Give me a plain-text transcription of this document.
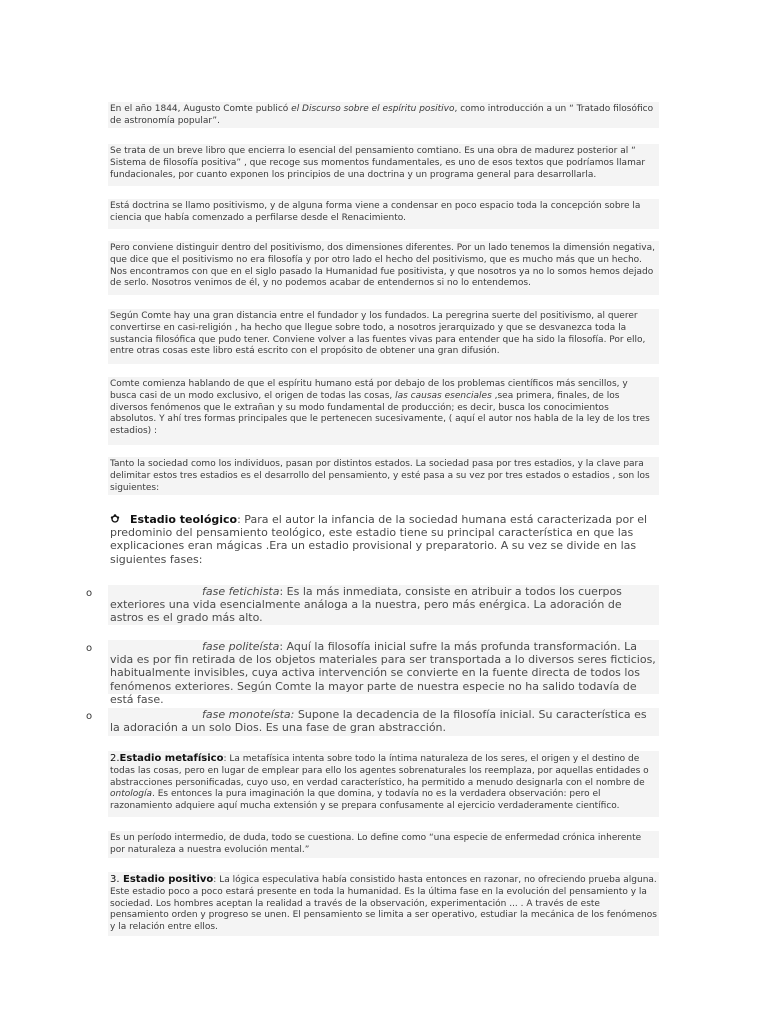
En el año 1844, Augusto Comte publicó el Discurso sobre el espíritu positivo, como introducción a un “ Tratado filosófico de astronomía popular”.
Se trata de un breve libro que encierra lo esencial del pensamiento comtiano. Es una obra de madurez posterior al “ Sistema de filosofía positiva” , que recoge sus momentos fundamentales, es uno de esos textos que podríamos llamar fundacionales, por cuanto exponen los principios de una doctrina y un programa general para desarrollarla.
Está doctrina se llamo positivismo, y de alguna forma viene a condensar en poco espacio toda la concepción sobre la ciencia que había comenzado a perfilarse desde el Renacimiento.
Pero conviene distinguir dentro del positivismo, dos dimensiones diferentes. Por un lado tenemos la dimensión negativa, que dice que el positivismo no era filosofía y por otro lado el hecho del positivismo, que es mucho más que un hecho. Nos encontramos con que en el siglo pasado la Humanidad fue positivista, y que nosotros ya no lo somos hemos dejado de serlo. Nosotros venimos de él, y no podemos acabar de entendernos si no lo entendemos.
Según Comte hay una gran distancia entre el fundador y los fundados. La peregrina suerte del positivismo, al querer convertirse en casi-religión , ha hecho que llegue sobre todo, a nosotros jerarquizado y que se desvanezca toda la sustancia filosófica que pudo tener. Conviene volver a las fuentes vivas para entender que ha sido la filosofía. Por ello, entre otras cosas este libro está escrito con el propósito de obtener una gran difusión.
Comte comienza hablando de que el espíritu humano está por debajo de los problemas científicos más sencillos, y busca casi de un modo exclusivo, el origen de todas las cosas, las causas esenciales ,sea primera, finales, de los diversos fenómenos que le extrañan y su modo fundamental de producción; es decir, busca los conocimientos absolutos. Y ahí tres formas principales que le pertenecen sucesivamente, ( aquí el autor nos habla de la ley de los tres estadios) :
Tanto la sociedad como los individuos, pasan por distintos estados. La sociedad pasa por tres estadios, y la clave para delimitar estos tres estadios es el desarrollo del pensamiento, y esté pasa a su vez por tres estados o estadios , son los siguientes:
Estadio teológico: Para el autor la infancia de la sociedad humana está caracterizada por el predominio del pensamiento teológico, este estadio tiene su principal característica en que las explicaciones eran mágicas .Era un estadio provisional y preparatorio. A su vez se divide en las siguientes fases:
o	fase fetichista: Es la más inmediata, consiste en atribuir a todos los cuerpos exteriores una vida esencialmente análoga a la nuestra, pero más enérgica. La adoración de astros es el grado más alto.
o	fase politeísta: Aquí la filosofía inicial sufre la más profunda transformación. La vida es por fin retirada de los objetos materiales para ser transportada a lo diversos seres ficticios, habitualmente invisibles, cuya activa intervención se convierte en la fuente directa de todos los fenómenos exteriores. Según Comte la mayor parte de nuestra especie no ha salido todavía de está fase.
o	fase monoteísta: Supone la decadencia de la filosofía inicial. Su característica es la adoración a un solo Dios. Es una fase de gran abstracción.
2.Estadio metafísico: La metafísica intenta sobre todo la íntima naturaleza de los seres, el origen y el destino de todas las cosas, pero en lugar de emplear para ello los agentes sobrenaturales los reemplaza, por aquellas entidades o abstracciones personificadas, cuyo uso, en verdad característico, ha permitido a menudo designarla con el nombre de ontología. Es entonces la pura imaginación la que domina, y todavía no es la verdadera observación: pero el razonamiento adquiere aquí mucha extensión y se prepara confusamente al ejercicio verdaderamente científico.
Es un período intermedio, de duda, todo se cuestiona. Lo define como “una especie de enfermedad crónica inherente por naturaleza a nuestra evolución mental.”
3. Estadio positivo: La lógica especulativa había consistido hasta entonces en razonar, no ofreciendo prueba alguna. Este estadio poco a poco estará presente en toda la humanidad. Es la última fase en la evolución del pensamiento y la sociedad. Los hombres aceptan la realidad a través de la observación, experimentación ... . A través de este pensamiento orden y progreso se unen. El pensamiento se limita a ser operativo, estudiar la mecánica de los fenómenos y la relación entre ellos.
